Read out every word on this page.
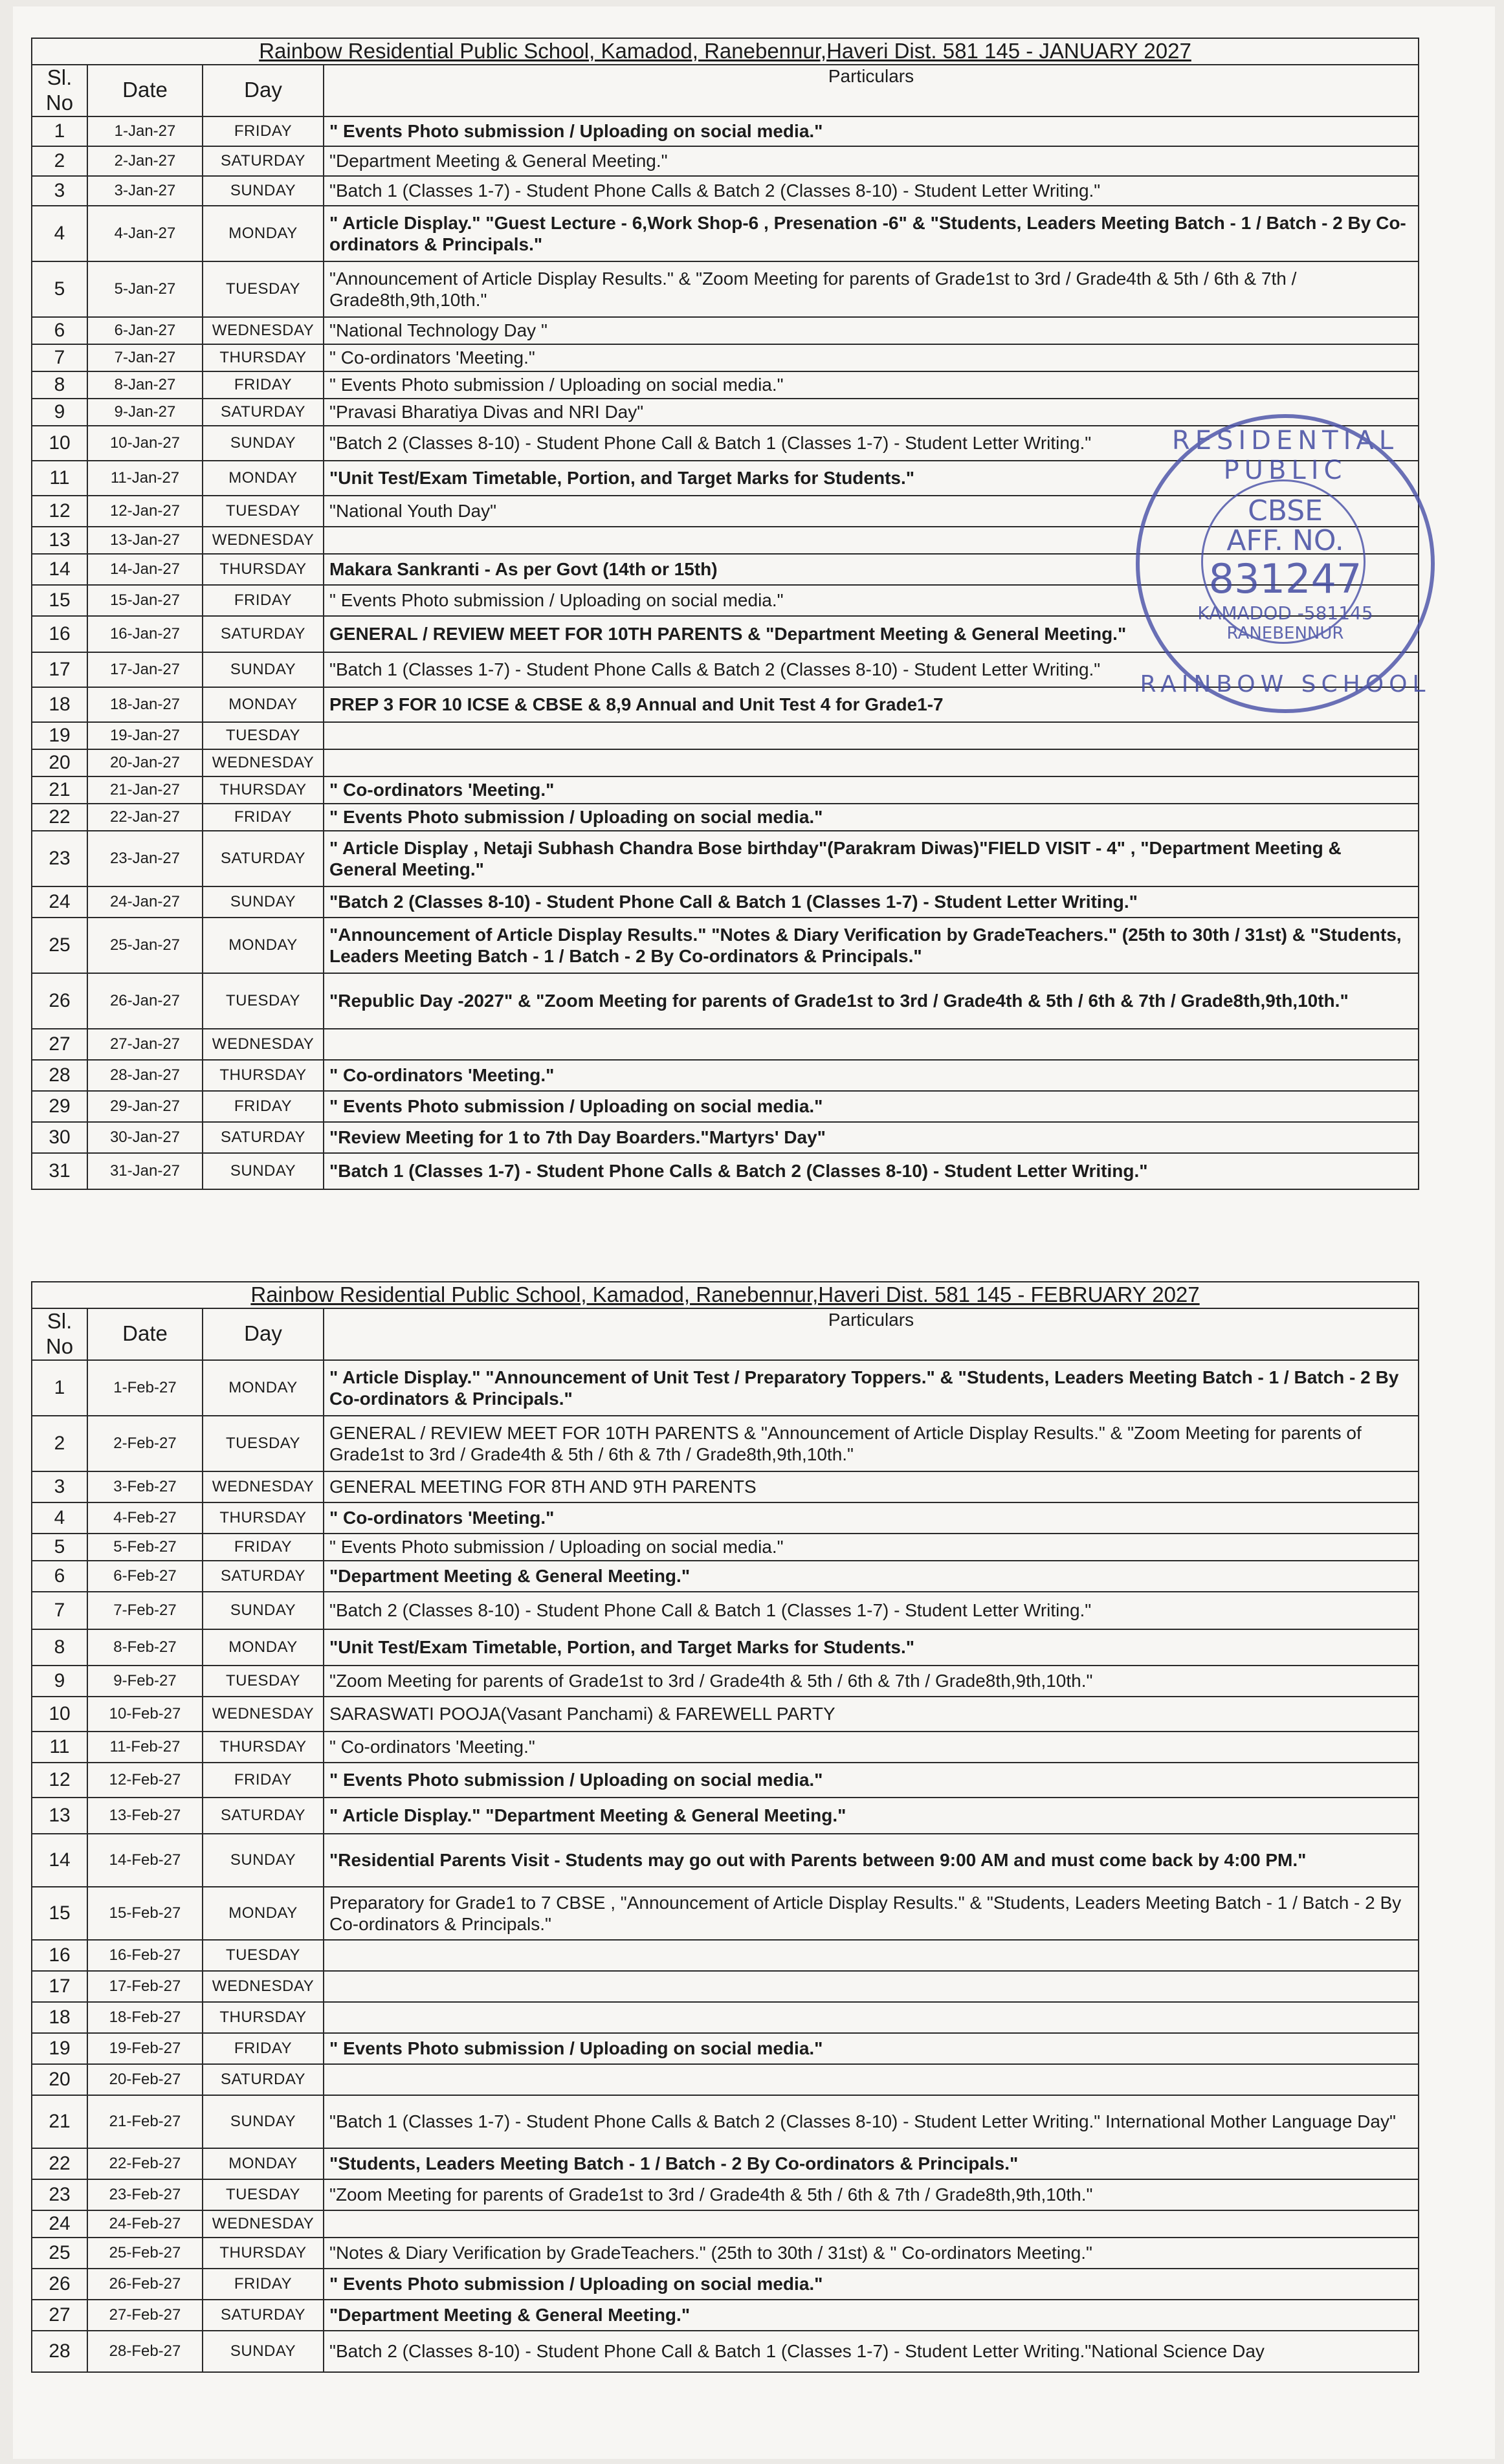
Rainbow Residential Public School, Kamadod, Ranebennur,Haveri Dist. 581 145 - JANUARY 2027			
Sl. No	Date	Day	Particulars
1	1-Jan-27	FRIDAY	" Events Photo submission / Uploading on social media."
2	2-Jan-27	SATURDAY	"Department Meeting & General Meeting."
3	3-Jan-27	SUNDAY	"Batch 1 (Classes 1-7) - Student Phone Calls & Batch 2 (Classes 8-10) - Student Letter Writing."
4	4-Jan-27	MONDAY	" Article Display." "Guest Lecture - 6,Work Shop-6 , Presenation -6" & "Students, Leaders Meeting Batch - 1 / Batch - 2 By Co-ordinators & Principals."
5	5-Jan-27	TUESDAY	"Announcement of Article Display Results." & "Zoom Meeting for parents of Grade1st to 3rd / Grade4th & 5th / 6th & 7th / Grade8th,9th,10th."
6	6-Jan-27	WEDNESDAY	"National Technology Day "
7	7-Jan-27	THURSDAY	" Co-ordinators 'Meeting."
8	8-Jan-27	FRIDAY	" Events Photo submission / Uploading on social media."
9	9-Jan-27	SATURDAY	"Pravasi Bharatiya Divas and NRI Day"
10	10-Jan-27	SUNDAY	"Batch 2 (Classes 8-10) - Student Phone Call & Batch 1 (Classes 1-7) - Student Letter Writing."
11	11-Jan-27	MONDAY	"Unit Test/Exam Timetable, Portion, and Target Marks for Students."
12	12-Jan-27	TUESDAY	"National Youth Day"
13	13-Jan-27	WEDNESDAY	
14	14-Jan-27	THURSDAY	Makara Sankranti - As per Govt (14th or 15th)
15	15-Jan-27	FRIDAY	" Events Photo submission / Uploading on social media."
16	16-Jan-27	SATURDAY	GENERAL / REVIEW MEET FOR 10TH PARENTS & "Department Meeting & General Meeting."
17	17-Jan-27	SUNDAY	"Batch 1 (Classes 1-7) - Student Phone Calls & Batch 2 (Classes 8-10) - Student Letter Writing."
18	18-Jan-27	MONDAY	PREP 3 FOR 10 ICSE & CBSE & 8,9 Annual and Unit Test 4 for Grade1-7
19	19-Jan-27	TUESDAY	
20	20-Jan-27	WEDNESDAY	
21	21-Jan-27	THURSDAY	" Co-ordinators 'Meeting."
22	22-Jan-27	FRIDAY	" Events Photo submission / Uploading on social media."
23	23-Jan-27	SATURDAY	" Article Display , Netaji Subhash Chandra Bose birthday"(Parakram Diwas)"FIELD VISIT - 4" , "Department Meeting & General Meeting."
24	24-Jan-27	SUNDAY	"Batch 2 (Classes 8-10) - Student Phone Call & Batch 1 (Classes 1-7) - Student Letter Writing."
25	25-Jan-27	MONDAY	"Announcement of Article Display Results." "Notes & Diary Verification by GradeTeachers." (25th to 30th / 31st) & "Students, Leaders Meeting Batch - 1 / Batch - 2 By Co-ordinators & Principals."
26	26-Jan-27	TUESDAY	"Republic Day -2027" & "Zoom Meeting for parents of Grade1st to 3rd / Grade4th & 5th / 6th & 7th / Grade8th,9th,10th."
27	27-Jan-27	WEDNESDAY	
28	28-Jan-27	THURSDAY	" Co-ordinators 'Meeting."
29	29-Jan-27	FRIDAY	" Events Photo submission / Uploading on social media."
30	30-Jan-27	SATURDAY	"Review Meeting for 1 to 7th Day Boarders."Martyrs' Day"
31	31-Jan-27	SUNDAY	"Batch 1 (Classes 1-7) - Student Phone Calls & Batch 2 (Classes 8-10) - Student Letter Writing."
Rainbow Residential Public School, Kamadod, Ranebennur,Haveri Dist. 581 145 - FEBRUARY 2027			
Sl. No	Date	Day	Particulars
1	1-Feb-27	MONDAY	" Article Display." "Announcement of Unit Test / Preparatory Toppers." & "Students, Leaders Meeting Batch - 1 / Batch - 2 By Co-ordinators & Principals."
2	2-Feb-27	TUESDAY	GENERAL / REVIEW MEET FOR 10TH PARENTS & "Announcement of Article Display Results." & "Zoom Meeting for parents of Grade1st to 3rd / Grade4th & 5th / 6th & 7th / Grade8th,9th,10th."
3	3-Feb-27	WEDNESDAY	GENERAL MEETING FOR 8TH AND 9TH PARENTS
4	4-Feb-27	THURSDAY	" Co-ordinators 'Meeting."
5	5-Feb-27	FRIDAY	" Events Photo submission / Uploading on social media."
6	6-Feb-27	SATURDAY	"Department Meeting & General Meeting."
7	7-Feb-27	SUNDAY	"Batch 2 (Classes 8-10) - Student Phone Call & Batch 1 (Classes 1-7) - Student Letter Writing."
8	8-Feb-27	MONDAY	"Unit Test/Exam Timetable, Portion, and Target Marks for Students."
9	9-Feb-27	TUESDAY	"Zoom Meeting for parents of Grade1st to 3rd / Grade4th & 5th / 6th & 7th / Grade8th,9th,10th."
10	10-Feb-27	WEDNESDAY	SARASWATI POOJA(Vasant Panchami) & FAREWELL PARTY
11	11-Feb-27	THURSDAY	" Co-ordinators 'Meeting."
12	12-Feb-27	FRIDAY	" Events Photo submission / Uploading on social media."
13	13-Feb-27	SATURDAY	" Article Display." "Department Meeting & General Meeting."
14	14-Feb-27	SUNDAY	"Residential Parents Visit - Students may go out with Parents between 9:00 AM and must come back by 4:00 PM."
15	15-Feb-27	MONDAY	Preparatory for Grade1 to 7 CBSE , "Announcement of Article Display Results." & "Students, Leaders Meeting Batch - 1 / Batch - 2 By Co-ordinators & Principals."
16	16-Feb-27	TUESDAY	
17	17-Feb-27	WEDNESDAY	
18	18-Feb-27	THURSDAY	
19	19-Feb-27	FRIDAY	" Events Photo submission / Uploading on social media."
20	20-Feb-27	SATURDAY	
21	21-Feb-27	SUNDAY	"Batch 1 (Classes 1-7) - Student Phone Calls & Batch 2 (Classes 8-10) - Student Letter Writing." International Mother Language Day"
22	22-Feb-27	MONDAY	"Students, Leaders Meeting Batch - 1 / Batch - 2 By Co-ordinators & Principals."
23	23-Feb-27	TUESDAY	"Zoom Meeting for parents of Grade1st to 3rd / Grade4th & 5th / 6th & 7th / Grade8th,9th,10th."
24	24-Feb-27	WEDNESDAY	
25	25-Feb-27	THURSDAY	"Notes & Diary Verification by GradeTeachers." (25th to 30th / 31st) & " Co-ordinators Meeting."
26	26-Feb-27	FRIDAY	" Events Photo submission / Uploading on social media."
27	27-Feb-27	SATURDAY	"Department Meeting & General Meeting."
28	28-Feb-27	SUNDAY	"Batch 2 (Classes 8-10) - Student Phone Call & Batch 1 (Classes 1-7) - Student Letter Writing."National Science Day
RESIDENTIAL PUBLIC
CBSE
AFF. NO.
831247
KAMADOD -581145
RANEBENNUR
RAINBOW SCHOOL
